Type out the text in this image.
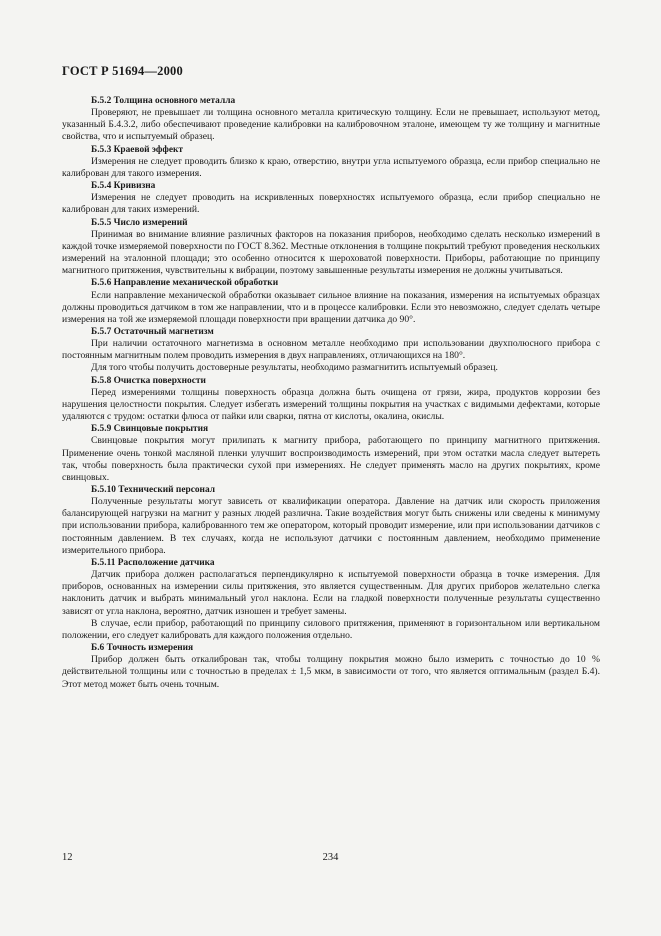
ГОСТ Р 51694—2000
Б.5.2 Толщина основного металла

Проверяют, не превышает ли толщина основного металла критическую толщину. Если не превышает, используют метод, указанный Б.4.3.2, либо обеспечивают проведение калибровки на калибровочном эталоне, имеющем ту же толщину и магнитные свойства, что и испытуемый образец.

Б.5.3 Краевой эффект

Измерения не следует проводить близко к краю, отверстию, внутри угла испытуемого образца, если прибор специально не калиброван для такого измерения.

Б.5.4 Кривизна

Измерения не следует проводить на искривленных поверхностях испытуемого образца, если прибор специально не калиброван для таких измерений.

Б.5.5 Число измерений

Принимая во внимание влияние различных факторов на показания приборов, необходимо сделать несколько измерений в каждой точке измеряемой поверхности по ГОСТ 8.362. Местные отклонения в толщине покрытий требуют проведения нескольких измерений на эталонной площади; это особенно относится к шероховатой поверхности. Приборы, работающие по принципу магнитного притяжения, чувствительны к вибрации, поэтому завышенные результаты измерения не должны учитываться.

Б.5.6 Направление механической обработки

Если направление механической обработки оказывает сильное влияние на показания, измерения на испытуемых образцах должны проводиться датчиком в том же направлении, что и в процессе калибровки. Если это невозможно, следует сделать четыре измерения на той же измеряемой площади поверхности при вращении датчика до 90°.

Б.5.7 Остаточный магнетизм

При наличии остаточного магнетизма в основном металле необходимо при использовании двухполюсного прибора с постоянным магнитным полем проводить измерения в двух направлениях, отличающихся на 180°.

Для того чтобы получить достоверные результаты, необходимо размагнитить испытуемый образец.

Б.5.8 Очистка поверхности

Перед измерениями толщины поверхность образца должна быть очищена от грязи, жира, продуктов коррозии без нарушения целостности покрытия. Следует избегать измерений толщины покрытия на участках с видимыми дефектами, которые удаляются с трудом: остатки флюса от пайки или сварки, пятна от кислоты, окалина, окислы.

Б.5.9 Свинцовые покрытия

Свинцовые покрытия могут прилипать к магниту прибора, работающего по принципу магнитного притяжения. Применение очень тонкой масляной пленки улучшит воспроизводимость измерений, при этом остатки масла следует вытереть так, чтобы поверхность была практически сухой при измерениях. Не следует применять масло на других покрытиях, кроме свинцовых.

Б.5.10 Технический персонал

Полученные результаты могут зависеть от квалификации оператора. Давление на датчик или скорость приложения балансирующей нагрузки на магнит у разных людей различна. Такие воздействия могут быть снижены или сведены к минимуму при использовании прибора, калиброванного тем же оператором, который проводит измерение, или при использовании датчиков с постоянным давлением. В тех случаях, когда не используют датчики с постоянным давлением, необходимо применение измерительного прибора.

Б.5.11 Расположение датчика

Датчик прибора должен располагаться перпендикулярно к испытуемой поверхности образца в точке измерения. Для приборов, основанных на измерении силы притяжения, это является существенным. Для других приборов желательно слегка наклонить датчик и выбрать минимальный угол наклона. Если на гладкой поверхности полученные результаты существенно зависят от угла наклона, вероятно, датчик изношен и требует замены.

В случае, если прибор, работающий по принципу силового притяжения, применяют в горизонтальном или вертикальном положении, его следует калибровать для каждого положения отдельно.

Б.6 Точность измерения

Прибор должен быть откалиброван так, чтобы толщину покрытия можно было измерить с точностью до 10 % действительной толщины или с точностью в пределах ± 1,5 мкм, в зависимости от того, что является оптимальным (раздел Б.4). Этот метод может быть очень точным.

12	234
